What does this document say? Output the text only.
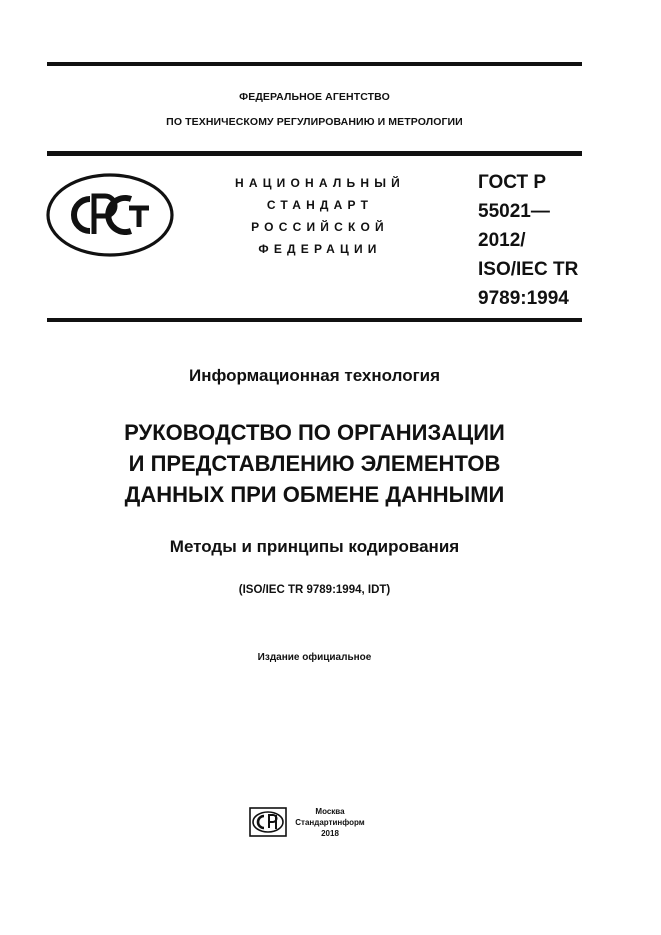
ФЕДЕРАЛЬНОЕ АГЕНТСТВО
ПО ТЕХНИЧЕСКОМУ РЕГУЛИРОВАНИЮ И МЕТРОЛОГИИ
РСТ
НАЦИОНАЛЬНЫЙ
СТАНДАРТ
РОССИЙСКОЙ
ФЕДЕРАЦИИ
ГОСТ Р
55021—
2012/
ISO/IEC TR
9789:1994
Информационная технология
РУКОВОДСТВО ПО ОРГАНИЗАЦИИ
И ПРЕДСТАВЛЕНИЮ ЭЛЕМЕНТОВ
ДАННЫХ ПРИ ОБМЕНЕ ДАННЫМИ
Методы и принципы кодирования
(ISO/IEC TR 9789:1994, IDT)
Издание официальное
Москва
Стандартинформ
2018
